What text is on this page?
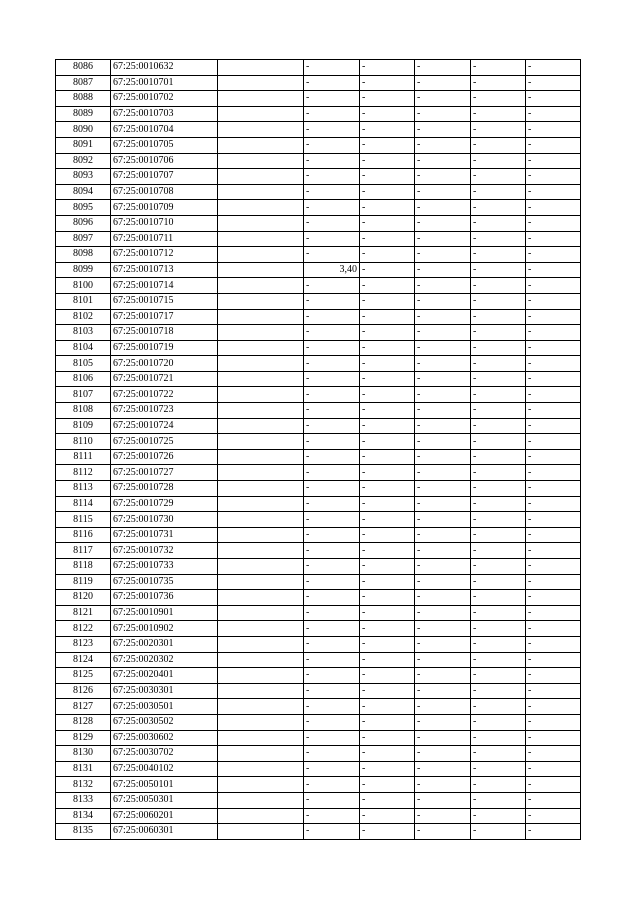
8086	67:25:0010632		-	-	-	-	-
8087	67:25:0010701		-	-	-	-	-
8088	67:25:0010702		-	-	-	-	-
8089	67:25:0010703		-	-	-	-	-
8090	67:25:0010704		-	-	-	-	-
8091	67:25:0010705		-	-	-	-	-
8092	67:25:0010706		-	-	-	-	-
8093	67:25:0010707		-	-	-	-	-
8094	67:25:0010708		-	-	-	-	-
8095	67:25:0010709		-	-	-	-	-
8096	67:25:0010710		-	-	-	-	-
8097	67:25:0010711		-	-	-	-	-
8098	67:25:0010712		-	-	-	-	-
8099	67:25:0010713		3,40	-	-	-	-
8100	67:25:0010714		-	-	-	-	-
8101	67:25:0010715		-	-	-	-	-
8102	67:25:0010717		-	-	-	-	-
8103	67:25:0010718		-	-	-	-	-
8104	67:25:0010719		-	-	-	-	-
8105	67:25:0010720		-	-	-	-	-
8106	67:25:0010721		-	-	-	-	-
8107	67:25:0010722		-	-	-	-	-
8108	67:25:0010723		-	-	-	-	-
8109	67:25:0010724		-	-	-	-	-
8110	67:25:0010725		-	-	-	-	-
8111	67:25:0010726		-	-	-	-	-
8112	67:25:0010727		-	-	-	-	-
8113	67:25:0010728		-	-	-	-	-
8114	67:25:0010729		-	-	-	-	-
8115	67:25:0010730		-	-	-	-	-
8116	67:25:0010731		-	-	-	-	-
8117	67:25:0010732		-	-	-	-	-
8118	67:25:0010733		-	-	-	-	-
8119	67:25:0010735		-	-	-	-	-
8120	67:25:0010736		-	-	-	-	-
8121	67:25:0010901		-	-	-	-	-
8122	67:25:0010902		-	-	-	-	-
8123	67:25:0020301		-	-	-	-	-
8124	67:25:0020302		-	-	-	-	-
8125	67:25:0020401		-	-	-	-	-
8126	67:25:0030301		-	-	-	-	-
8127	67:25:0030501		-	-	-	-	-
8128	67:25:0030502		-	-	-	-	-
8129	67:25:0030602		-	-	-	-	-
8130	67:25:0030702		-	-	-	-	-
8131	67:25:0040102		-	-	-	-	-
8132	67:25:0050101		-	-	-	-	-
8133	67:25:0050301		-	-	-	-	-
8134	67:25:0060201		-	-	-	-	-
8135	67:25:0060301		-	-	-	-	-
